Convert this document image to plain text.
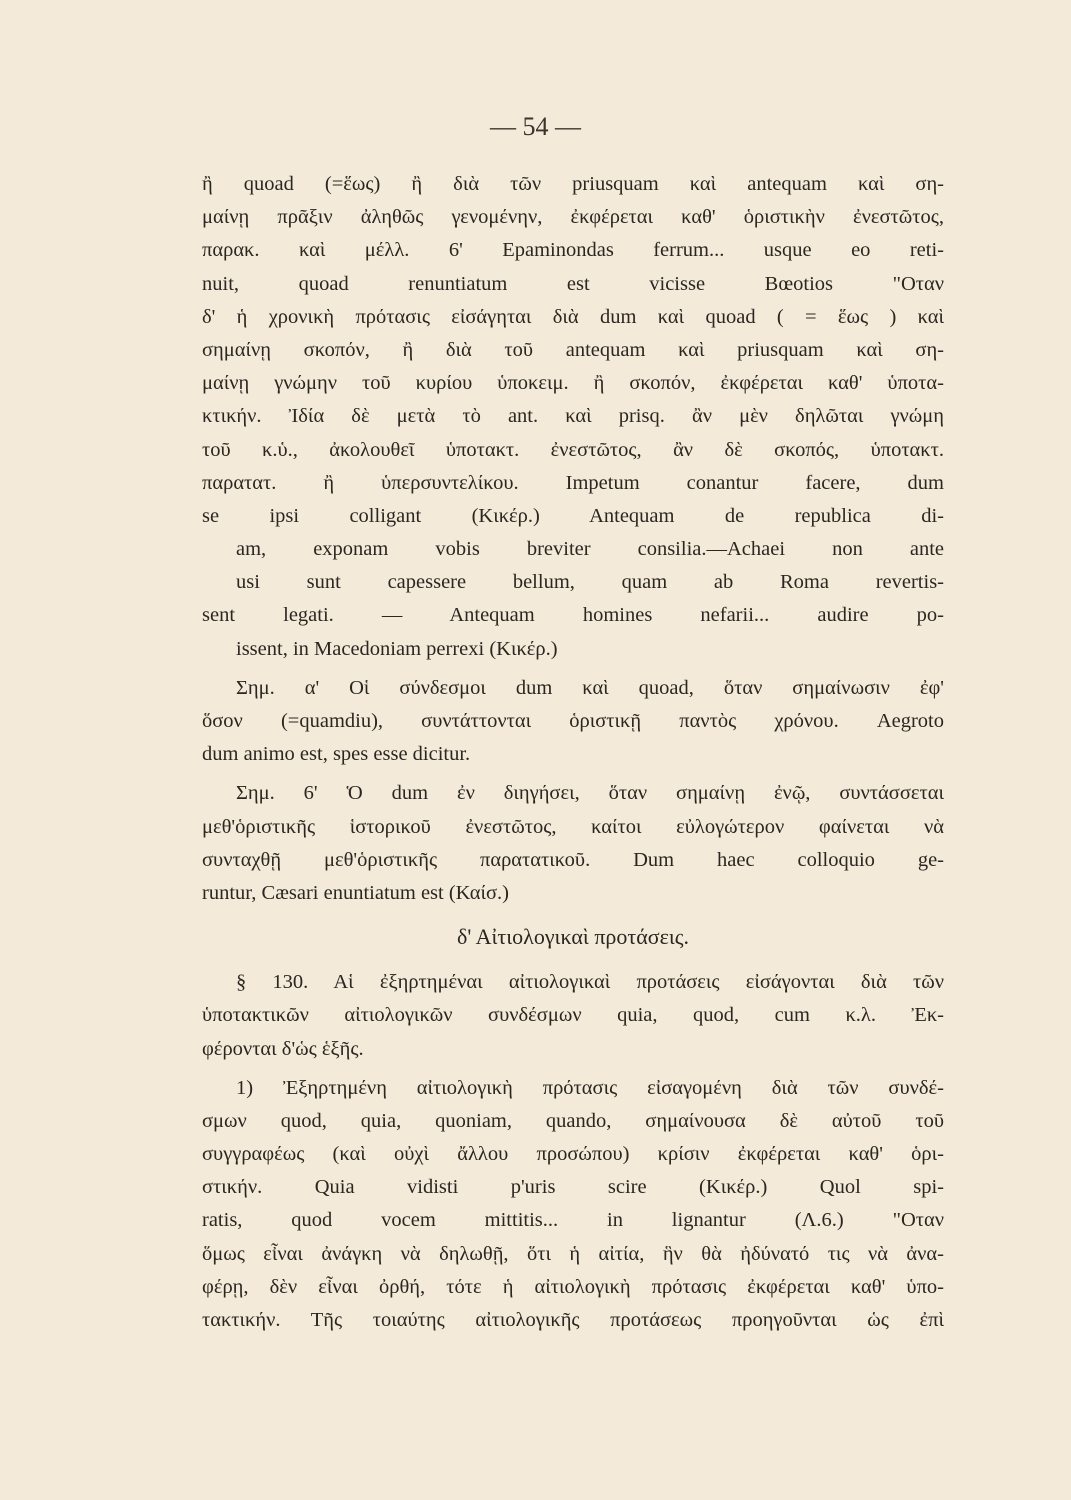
— 54 —
ἢ quoad (=ἕως) ἢ διὰ τῶν priusquam καὶ antequam καὶ ση-
μαίνῃ πρᾶξιν ἀληθῶς γενομένην, ἐκφέρεται καθ' ὁριστικὴν ἐνεστῶτος,
παρακ. καὶ μέλλ. 6' Epaminondas ferrum... usque eo reti-
nuit, quoad renuntiatum est vicisse Bœotios "Οταν
δ' ἡ χρονικὴ πρότασις εἰσάγηται διὰ dum καὶ quoad ( = ἕως ) καὶ
σημαίνῃ σκοπόν, ἢ διὰ τοῦ antequam καὶ priusquam καὶ ση-
μαίνῃ γνώμην τοῦ κυρίου ὑποκειμ. ἢ σκοπόν, ἐκφέρεται καθ' ὑποτα-
κτικήν. Ἰδία δὲ μετὰ τὸ ant. καὶ prisq. ἂν μὲν δηλῶται γνώμη
τοῦ κ.ὑ., ἀκολουθεῖ ὑποτακτ. ἐνεστῶτος, ἂν δὲ σκοπός, ὑποτακτ.
παρατατ. ἢ ὑπερσυντελίκου. Impetum conantur facere, dum
se ipsi colligant (Κικέρ.) Antequam de republica di-
am, exponam vobis breviter consilia.—Achaei non ante
usi sunt capessere bellum, quam ab Roma revertis-
sent legati. — Antequam homines nefarii... audire po-
issent, in Macedoniam perrexi (Κικέρ.)
Σημ. α' Οἱ σύνδεσμοι dum καὶ quoad, ὅταν σημαίνωσιν ἐφ'
ὅσον (=quamdiu), συντάττονται ὁριστικῇ παντὸς χρόνου. Aegroto
dum animo est, spes esse dicitur.
Σημ. 6' Ὁ dum ἐν διηγήσει, ὅταν σημαίνῃ ἐνῷ, συντάσσεται
μεθ'ὁριστικῆς ἱστορικοῦ ἐνεστῶτος, καίτοι εὐλογώτερον φαίνεται νὰ
συνταχθῇ μεθ'ὁριστικῆς παρατατικοῦ. Dum haec colloquio ge-
runtur, Cæsari enuntiatum est (Καίσ.)
δ' Αἰτιολογικαὶ προτάσεις.
§ 130. Αἱ ἐξηρτημέναι αἰτιολογικαὶ προτάσεις εἰσάγονται διὰ τῶν
ὑποτακτικῶν αἰτιολογικῶν συνδέσμων quia, quod, cum κ.λ. Ἐκ-
φέρονται δ'ὡς ἑξῆς.
1) Ἐξηρτημένη αἰτιολογικὴ πρότασις εἰσαγομένη διὰ τῶν συνδέ-
σμων quod, quia, quoniam, quando, σημαίνουσα δὲ αὐτοῦ τοῦ
συγγραφέως (καὶ οὐχὶ ἄλλου προσώπου) κρίσιν ἐκφέρεται καθ' ὁρι-
στικήν. Quia vidisti p'uris scire (Κικέρ.) Quol spi-
ratis, quod vocem mittitis... in lignantur (Λ.6.) "Οταν
ὅμως εἶναι ἀνάγκη νὰ δηλωθῇ, ὅτι ἡ αἰτία, ἣν θὰ ἠδύνατό τις νὰ ἀνα-
φέρῃ, δὲν εἶναι ὀρθή, τότε ἡ αἰτιολογικὴ πρότασις ἐκφέρεται καθ' ὑπο-
τακτικήν. Τῆς τοιαύτης αἰτιολογικῆς προτάσεως προηγοῦνται ὡς ἐπὶ
